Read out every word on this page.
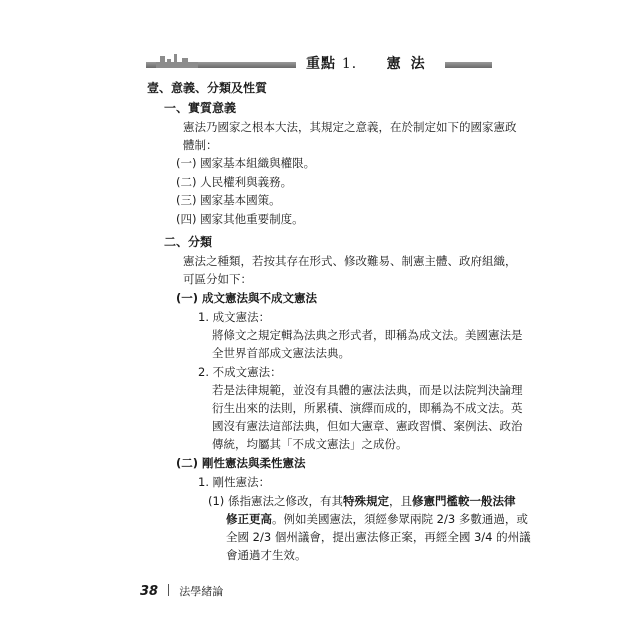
重點 1． 憲法
壹、意義、分類及性質
一、實質意義
憲法乃國家之根本大法，其規定之意義，在於制定如下的國家憲政
體制：
(一) 國家基本組織與權限。
(二) 人民權利與義務。
(三) 國家基本國策。
(四) 國家其他重要制度。
二、分類
憲法之種類，若按其存在形式、修改難易、制憲主體、政府組織，
可區分如下：
(一) 成文憲法與不成文憲法
1. 成文憲法：
將條文之規定輯為法典之形式者，即稱為成文法。美國憲法是
全世界首部成文憲法法典。
2. 不成文憲法：
若是法律規範，並沒有具體的憲法法典，而是以法院判決論理
衍生出來的法則，所累積、演繹而成的，即稱為不成文法。英
國沒有憲法這部法典，但如大憲章、憲政習慣、案例法、政治
傳統，均屬其「不成文憲法」之成份。
(二) 剛性憲法與柔性憲法
1. 剛性憲法：
(1) 係指憲法之修改，有其特殊規定，且修憲門檻較一般法律
修正更高。例如美國憲法，須經參眾兩院 2/3 多數通過，或
全國 2/3 個州議會，提出憲法修正案，再經全國 3/4 的州議
會通過才生效。
38 法學緒論
